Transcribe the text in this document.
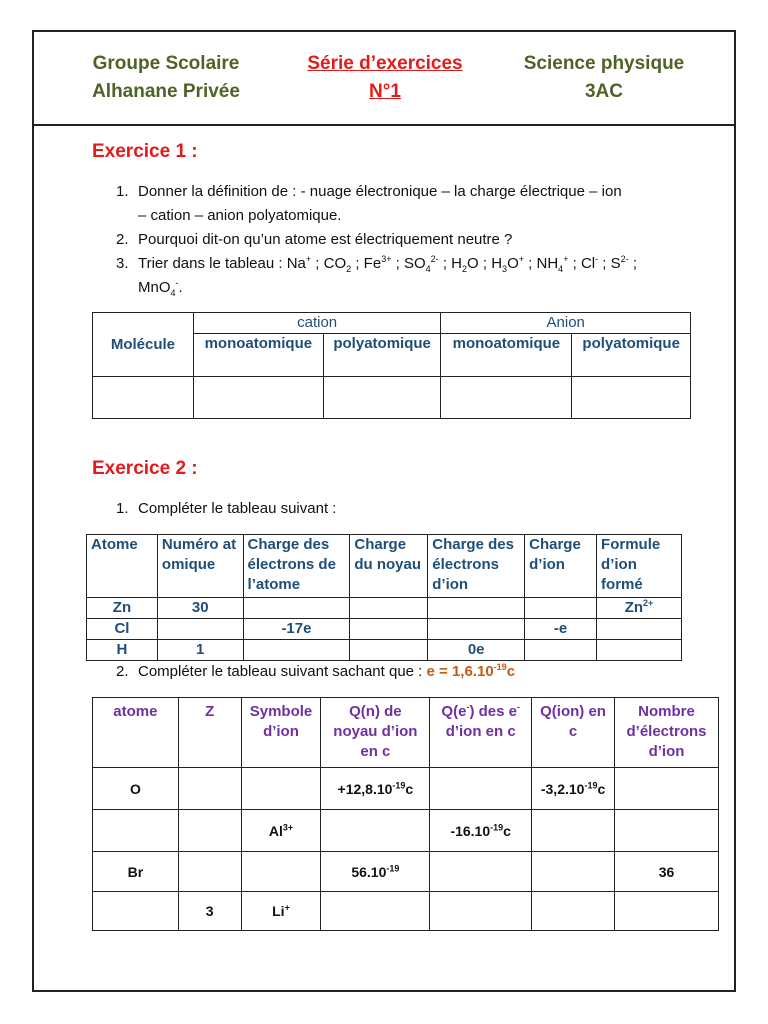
Groupe Scolaire
Alhanane Privée
Série d’exercices
N°1
Science physique
3AC
Exercice 1 :
1. Donner la définition de : - nuage électronique – la charge électrique – ion
– cation – anion polyatomique.
2. Pourquoi dit-on qu’un atome est électriquement neutre ?
3. Trier dans le tableau : Na+ ; $CO_2$ ; $Fe^{3+}$ ; $SO_4^{2-}$ ; $H_2O$ ; $H_3O^+$ ; $NH_4^+$ ; Cl- ; $S^{2-}$ ;
MnO$_4$-.
Molécule	cation		Anion	
	monoatomique	polyatomique	monoatomique	polyatomique

Exercice 2 :
1. Compléter le tableau suivant :
Atome	Numéro atomique	Charge des électrons de l’atome	Charge du noyau	Charge des électrons d’ion	Charge d’ion	Formule d’ion formé
Zn	30					$Zn^{2+}$
Cl		-17e			-e	
H	1			0e		
2. Compléter le tableau suivant sachant que : $e = 1,6.10^{-19}c$
atome	Z	Symbole d’ion	Q(n) de noyau d’ion en c	Q(e-) des e- d’ion en c	Q(ion) en c	Nombre d’électrons d’ion
O			$+12,8.10^{-19}c$		$-3,2.10^{-19}c$	
		$Al^{3+}$		$-16.10^{-19}c$		
Br			$56.10^{-19}$			36
	3	Li+				
